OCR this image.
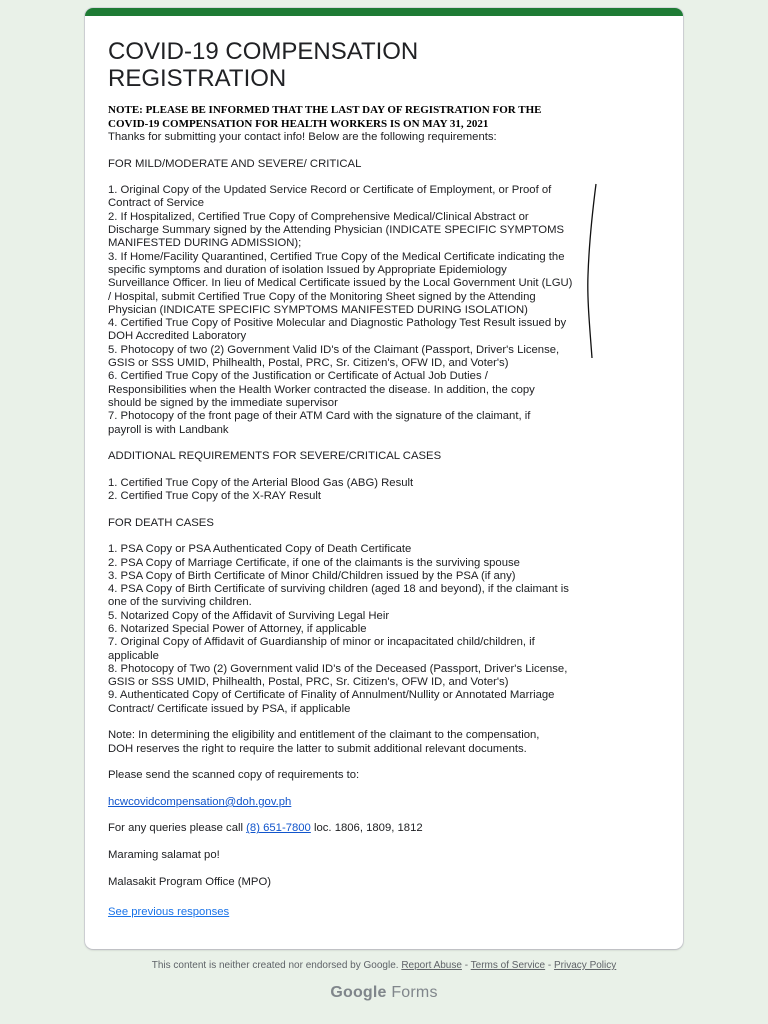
COVID-19 COMPENSATION
REGISTRATION
NOTE: PLEASE BE INFORMED THAT THE LAST DAY OF REGISTRATION FOR THE
COVID-19 COMPENSATION FOR HEALTH WORKERS IS ON MAY 31, 2021

Thanks for submitting your contact info! Below are the following requirements:

FOR MILD/MODERATE AND SEVERE/ CRITICAL

1. Original Copy of the Updated Service Record or Certificate of Employment, or Proof of

Contract of Service

2. If Hospitalized, Certified True Copy of Comprehensive Medical/Clinical Abstract or

Discharge Summary signed by the Attending Physician (INDICATE SPECIFIC SYMPTOMS

MANIFESTED DURING ADMISSION);

3. If Home/Facility Quarantined, Certified True Copy of the Medical Certificate indicating the

specific symptoms and duration of isolation Issued by Appropriate Epidemiology

Surveillance Officer. In lieu of Medical Certificate issued by the Local Government Unit (LGU)

/ Hospital, submit Certified True Copy of the Monitoring Sheet signed by the Attending

Physician (INDICATE SPECIFIC SYMPTOMS MANIFESTED DURING ISOLATION)

4. Certified True Copy of Positive Molecular and Diagnostic Pathology Test Result issued by

DOH Accredited Laboratory

5. Photocopy of two (2) Government Valid ID's of the Claimant (Passport, Driver's License,

GSIS or SSS UMID, Philhealth, Postal, PRC, Sr. Citizen's, OFW ID, and Voter's)

6. Certified True Copy of the Justification or Certificate of Actual Job Duties /

Responsibilities when the Health Worker contracted the disease. In addition, the copy

should be signed by the immediate supervisor

7. Photocopy of the front page of their ATM Card with the signature of the claimant, if

payroll is with Landbank

ADDITIONAL REQUIREMENTS FOR SEVERE/CRITICAL CASES

1. Certified True Copy of the Arterial Blood Gas (ABG) Result

2. Certified True Copy of the X-RAY Result

FOR DEATH CASES

1. PSA Copy or PSA Authenticated Copy of Death Certificate

2. PSA Copy of Marriage Certificate, if one of the claimants is the surviving spouse

3. PSA Copy of Birth Certificate of Minor Child/Children issued by the PSA (if any)

4. PSA Copy of Birth Certificate of surviving children (aged 18 and beyond), if the claimant is

one of the surviving children.

5. Notarized Copy of the Affidavit of Surviving Legal Heir

6. Notarized Special Power of Attorney, if applicable

7. Original Copy of Affidavit of Guardianship of minor or incapacitated child/children, if

applicable

8. Photocopy of Two (2) Government valid ID's of the Deceased (Passport, Driver's License,

GSIS or SSS UMID, Philhealth, Postal, PRC, Sr. Citizen's, OFW ID, and Voter's)

9. Authenticated Copy of Certificate of Finality of Annulment/Nullity or Annotated Marriage

Contract/ Certificate issued by PSA, if applicable

Note: In determining the eligibility and entitlement of the claimant to the compensation,

DOH reserves the right to require the latter to submit additional relevant documents.

Please send the scanned copy of requirements to:

hcwcovidcompensation@doh.gov.ph

For any queries please call (8) 651-7800 loc. 1806, 1809, 1812

Maraming salamat po!

Malasakit Program Office (MPO)

See previous responses
This content is neither created nor endorsed by Google. Report Abuse - Terms of Service - Privacy Policy
Google Forms
